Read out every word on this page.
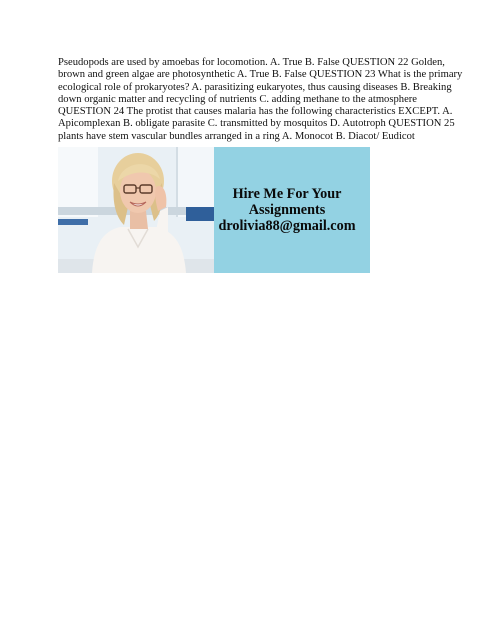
Pseudopods are used by amoebas for locomotion. A. True B. False QUESTION 22 Golden,
brown and green algae are photosynthetic A. True B. False QUESTION 23 What is the primary
ecological role of prokaryotes? A. parasitizing eukaryotes, thus causing diseases B. Breaking
down organic matter and recycling of nutrients C. adding methane to the atmosphere
QUESTION 24 The protist that causes malaria has the following characteristics EXCEPT. A.
Apicomplexan B. obligate parasite C. transmitted by mosquitos D. Autotroph QUESTION 25
plants have stem vascular bundles arranged in a ring A. Monocot B. Diacot/ Eudicot
Hire Me For Your
Assignments
drolivia88@gmail.com
